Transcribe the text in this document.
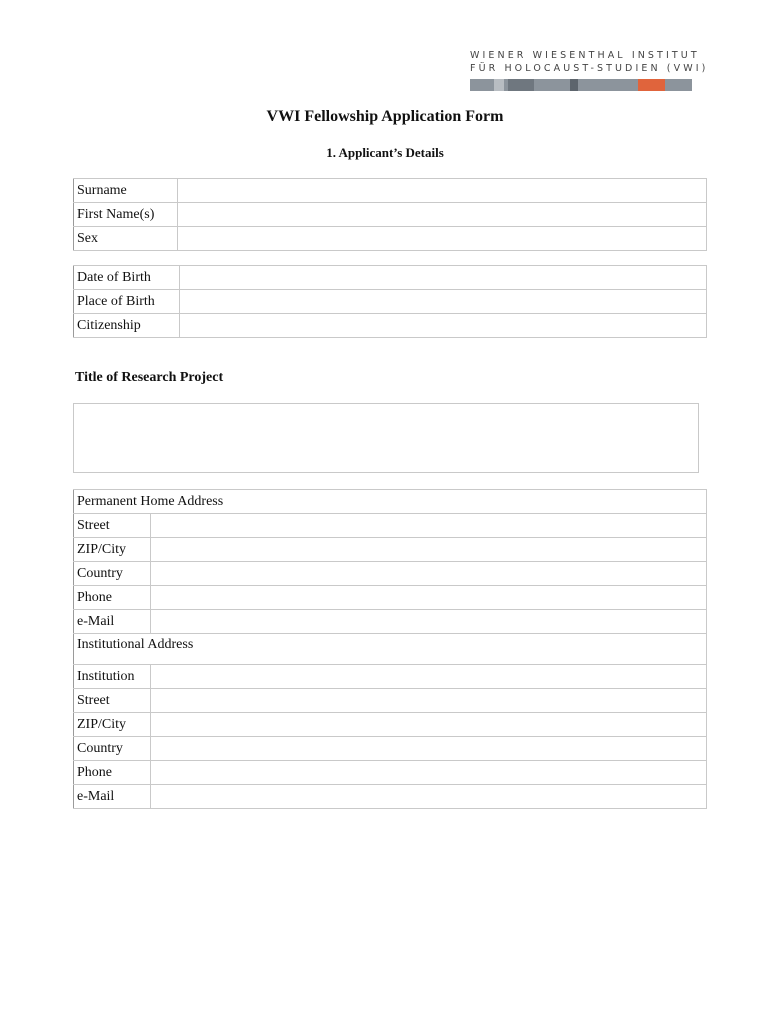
WIENER WIESENTHAL INSTITUT
FÜR HOLOCAUST-STUDIEN (VWI)
VWI Fellowship Application Form
1. Applicant’s Details
Surname	
First Name(s)	
Sex	
Date of Birth	
Place of Birth	
Citizenship	
Title of Research Project
Permanent Home Address	
Street	
ZIP/City	
Country	
Phone	
e-Mail	
Institutional Address	
Institution	
Street	
ZIP/City	
Country	
Phone	
e-Mail	
